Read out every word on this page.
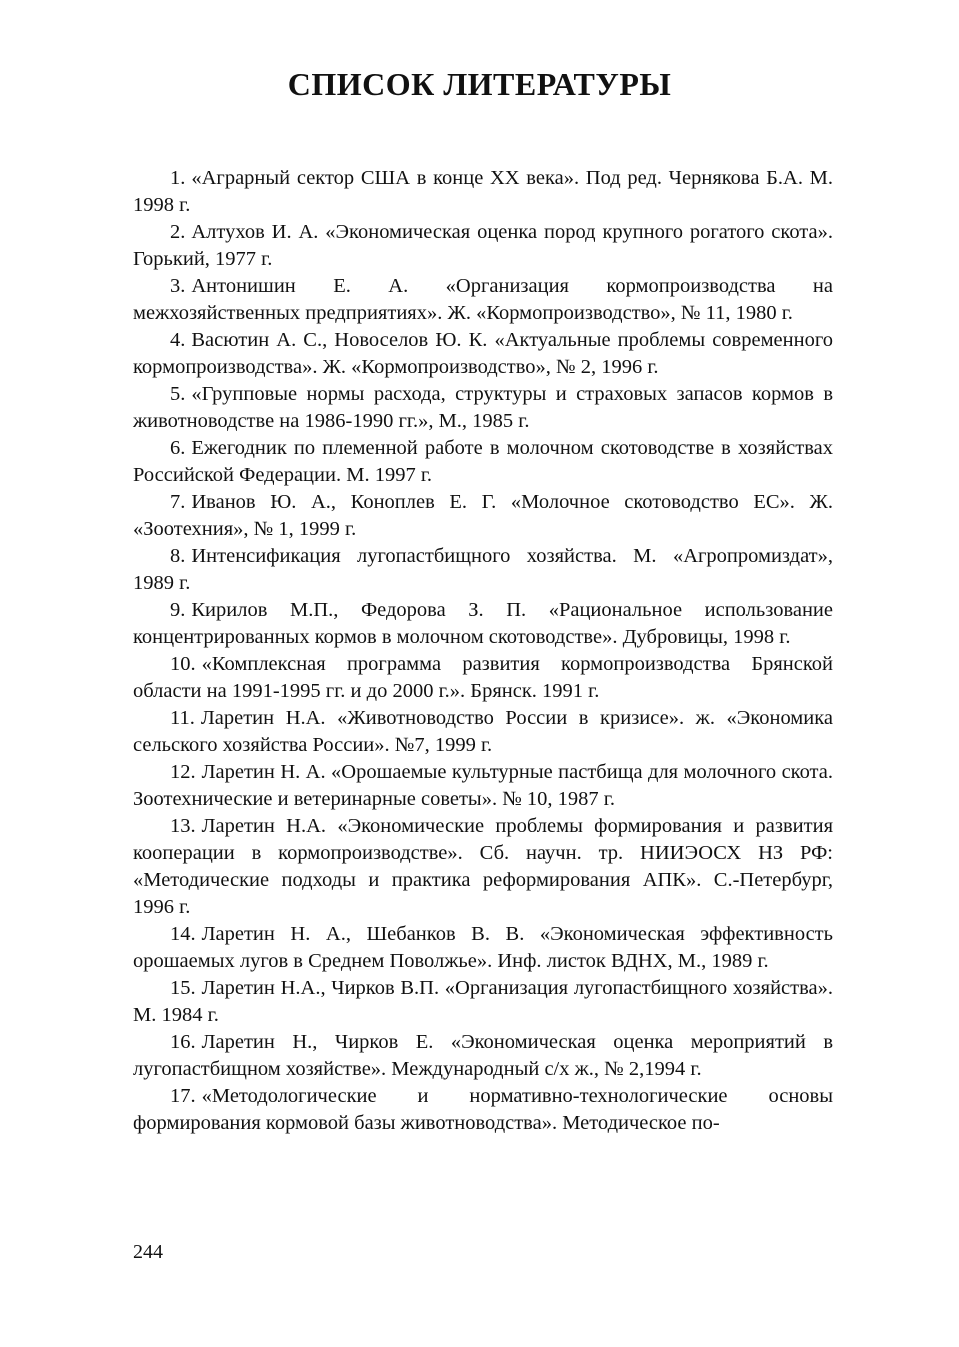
СПИСОК ЛИТЕРАТУРЫ
1. «Аграрный сектор США в конце XX века». Под ред. Чернякова Б.А. М. 1998 г.
2. Алтухов И. А. «Экономическая оценка пород крупного рогатого скота». Горький, 1977 г.
3. Антонишин Е. А. «Организация кормопроизводства на межхозяйственных предприятиях». Ж. «Кормопроизводство», № 11, 1980 г.
4. Васютин А. С., Новоселов Ю. К. «Актуальные проблемы современного кормопроизводства». Ж. «Кормопроизводство», № 2, 1996 г.
5. «Групповые нормы расхода, структуры и страховых запасов кормов в животноводстве на 1986-1990 гг.», М., 1985 г.
6. Ежегодник по племенной работе в молочном скотоводстве в хозяйствах Российской Федерации. М. 1997 г.
7. Иванов Ю. А., Коноплев Е. Г. «Молочное скотоводство ЕС». Ж. «Зоотехния», № 1, 1999 г.
8. Интенсификация лугопастбищного хозяйства. М. «Агропромиздат», 1989 г.
9. Кирилов М.П., Федорова З. П. «Рациональное использование концентрированных кормов в молочном скотоводстве». Дубровицы, 1998 г.
10. «Комплексная программа развития кормопроизводства Брянской области на 1991-1995 гг. и до 2000 г.». Брянск. 1991 г.
11. Ларетин Н.А. «Животноводство России в кризисе». ж. «Экономика сельского хозяйства России». №7, 1999 г.
12. Ларетин Н. А. «Орошаемые культурные пастбища для молочного скота. Зоотехнические и ветеринарные советы». № 10, 1987 г.
13. Ларетин Н.А. «Экономические проблемы формирования и развития кооперации в кормопроизводстве». Сб. научн. тр. НИИЭОСХ НЗ РФ: «Методические подходы и практика реформирования АПК». С.-Петербург, 1996 г.
14. Ларетин Н. А., Шебанков В. В. «Экономическая эффективность орошаемых лугов в Среднем Поволжье». Инф. листок ВДНХ, М., 1989 г.
15. Ларетин Н.А., Чирков В.П. «Организация лугопастбищного хозяйства». М. 1984 г.
16. Ларетин Н., Чирков Е. «Экономическая оценка мероприятий в лугопастбищном хозяйстве». Международный с/х ж., № 2,1994 г.
17. «Методологические и нормативно-технологические основы формирования кормовой базы животноводства». Методическое по-
244
